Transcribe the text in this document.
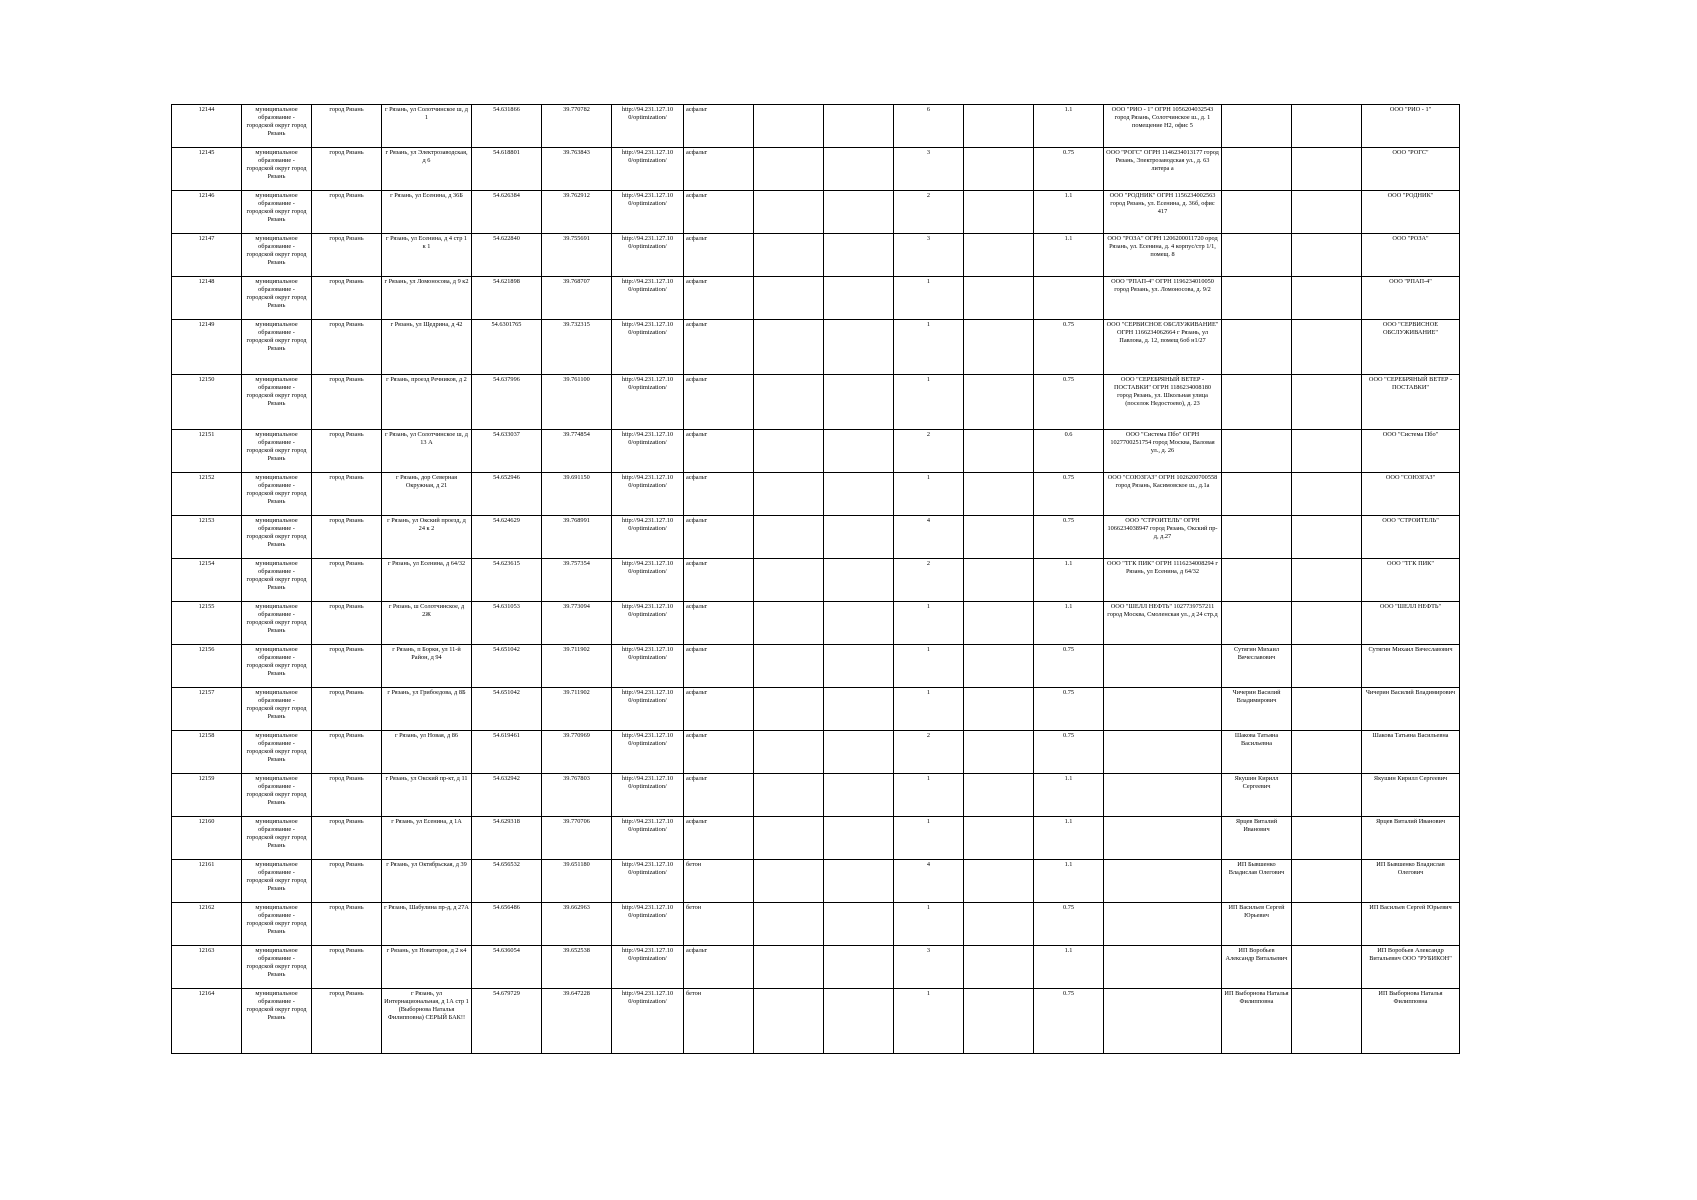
12144	муниципальное образование - городской округ город Рязань	город Рязань	г Рязань, ул Солотчинское ш, д 1	54.631866	39.770782	http://94.231.127.10 0/optimization/	асфальт			6		1.1	ООО "РИО - 1" ОГРН 1056204032543 город Рязань, Солотчинское ш., д. 1 помещение Н2, офис 5			ООО "РИО - 1"
12145	муниципальное образование - городской округ город Рязань	город Рязань	г Рязань, ул Электрозаводская, д 6	54.618801	39.763843	http://94.231.127.10 0/optimization/	асфальт			3		0.75	ООО "РОГС" ОГРН 1146234013177 город Рязань, Электрозаводская ул., д. 63 литера а			ООО "РОГС"
12146	муниципальное образование - городской округ город Рязань	город Рязань	г Рязань, ул Есенина, д 36Б	54.626384	39.762912	http://94.231.127.10 0/optimization/	асфальт			2		1.1	ООО "РОДНИК" ОГРН 1156234002563 город Рязань, ул. Есенина, д. 36б, офис 417			ООО "РОДНИК"
12147	муниципальное образование - городской округ город Рязань	город Рязань	г Рязань, ул Есенина, д 4 стр 1 к 1	54.622840	39.755691	http://94.231.127.10 0/optimization/	асфальт			3		1.1	ООО "РОЗА" ОГРН 1206200011720 ород Рязань, ул. Есенина, д. 4 корпус/стр 1/1, помещ. 8			ООО "РОЗА"
12148	муниципальное образование - городской округ город Рязань	город Рязань	г Рязань, ул Ломоносова, д 9 к2	54.621898	39.768707	http://94.231.127.10 0/optimization/	асфальт			1			ООО "РПАП-4" ОГРН 1196234010050 город Рязань, ул. Ломоносова, д. 9/2			ООО "РПАП-4"
12149	муниципальное образование - городской округ город Рязань	город Рязань	г Рязань, ул Щедрина, д 42	54.6301765	39.732315	http://94.231.127.10 0/optimization/	асфальт			1		0.75	ООО "СЕРВИСНОЕ ОБСЛУЖИВАНИЕ" ОГРН 1166234062664 г Рязань, ул Павлова, д. 12, помещ 6об н1/27			ООО "СЕРВИСНОЕ ОБСЛУЖИВАНИЕ"
12150	муниципальное образование - городской округ город Рязань	город Рязань	г Рязань, проезд Речников, д 2	54.637996	39.761100	http://94.231.127.10 0/optimization/	асфальт			1		0.75	ООО "СЕРЕБРЯНЫЙ ВЕТЕР - ПОСТАВКИ" ОГРН 1186234008180 город Рязань, ул. Школьная улица (поселок Недостоево), д. 23			ООО "СЕРЕБРЯНЫЙ ВЕТЕР - ПОСТАВКИ"
12151	муниципальное образование - городской округ город Рязань	город Рязань	г Рязань, ул Солотчинское ш, д 13 А	54.633037	39.774854	http://94.231.127.10 0/optimization/	асфальт			2		0.6	ООО "Система Пбо" ОГРН 1027700251754 город Москва, Валовая ул., д. 26			ООО "Система Пбо"
12152	муниципальное образование - городской округ город Рязань	город Рязань	г Рязань, дор Северная Окружная, д 21	54.652946	39.691150	http://94.231.127.10 0/optimization/	асфальт			1		0.75	ООО "СОЮЗГАЗ" ОГРН 1026200700558 город Рязань, Касимовское ш., д.1а			ООО "СОЮЗГАЗ"
12153	муниципальное образование - городской округ город Рязань	город Рязань	г Рязань, ул Окский проезд, д 24 к 2	54.624629	39.768991	http://94.231.127.10 0/optimization/	асфальт			4		0.75	ООО "СТРОИТЕЛЬ" ОГРН 1066234038947 город Рязань, Окский пр-д, д.27			ООО "СТРОИТЕЛЬ"
12154	муниципальное образование - городской округ город Рязань	город Рязань	г Рязань, ул Есенина, д 64/32	54.623615	39.757354	http://94.231.127.10 0/optimization/	асфальт			2		1.1	ООО "ТГК ПИК" ОГРН 1116234008294 г Рязань, ул Есенина, д 64/32			ООО "ТГК ПИК"
12155	муниципальное образование - городской округ город Рязань	город Рязань	г Рязань, ш Солотчинское, д 2Ж	54.631053	39.773094	http://94.231.127.10 0/optimization/	асфальт			1		1.1	ООО "ШЕЛЛ НЕФТЬ" 1027739757211 город Москва, Смоленская ул., д 24 стр.д			ООО "ШЕЛЛ НЕФТЬ"
12156	муниципальное образование - городской округ город Рязань	город Рязань	г Рязань, п Борки, ул 11-й Район, д 94	54.651042	39.711902	http://94.231.127.10 0/optimization/	асфальт			1		0.75		Сутягин Михаил Вячеславович		Сутягин Михаил Вячеславович
12157	муниципальное образование - городской округ город Рязань	город Рязань	г Рязань, ул Грибоедова, д 8Б	54.651042	39.711902	http://94.231.127.10 0/optimization/	асфальт			1		0.75		Чичерин Василий Владимирович		Чичерин Василий Владимирович
12158	муниципальное образование - городской округ город Рязань	город Рязань	г Рязань, ул Новая, д 86	54.619461	39.770969	http://94.231.127.10 0/optimization/	асфальт			2		0.75		Шакова Татьяна Васильевна		Шакова Татьяна Васильевна
12159	муниципальное образование - городской округ город Рязань	город Рязань	г Рязань, ул Окский пр-кт, д 11	54.632942	39.767803	http://94.231.127.10 0/optimization/	асфальт			1		1.1		Якушин Кирилл Сергеевич		Якушин Кирилл Сергеевич
12160	муниципальное образование - городской округ город Рязань	город Рязань	г Рязань, ул Есенина, д 1А	54.629318	39.770706	http://94.231.127.10 0/optimization/	асфальт			1		1.1		Ярцев Виталий Иванович		Ярцев Виталий Иванович
12161	муниципальное образование - городской округ город Рязань	город Рязань	г Рязань, ул Октябрьская, д 39	54.656532	39.651180	http://94.231.127.10 0/optimization/	бетон			4		1.1		ИП Бывшенко Владислав Олегович		ИП Бывшенко Владислав Олегович
12162	муниципальное образование - городской округ город Рязань	город Рязань	г Рязань, Шабулина пр-д, д 27А	54.656486	39.662963	http://94.231.127.10 0/optimization/	бетон			1		0.75		ИП Васильев Сергей Юрьевич		ИП Васильев Сергей Юрьевич
12163	муниципальное образование - городской округ город Рязань	город Рязань	г Рязань, ул Новаторов, д 2 к4	54.636054	39.652538	http://94.231.127.10 0/optimization/	асфальт			3		1.1		ИП Воробьев Александр Витальевич		ИП Воробьев Александр Витальевич ООО "РУБИКОН"
12164	муниципальное образование - городской округ город Рязань	город Рязань	г Рязань, ул Интернациональная, д 1А стр 1 (Выборнова Наталья Филипповна) СЕРЫЙ БАК!!	54.679729	39.647228	http://94.231.127.10 0/optimization/	бетон			1		0.75		ИП Выборнова Наталья Филипповна		ИП Выборнова Наталья Филипповна
